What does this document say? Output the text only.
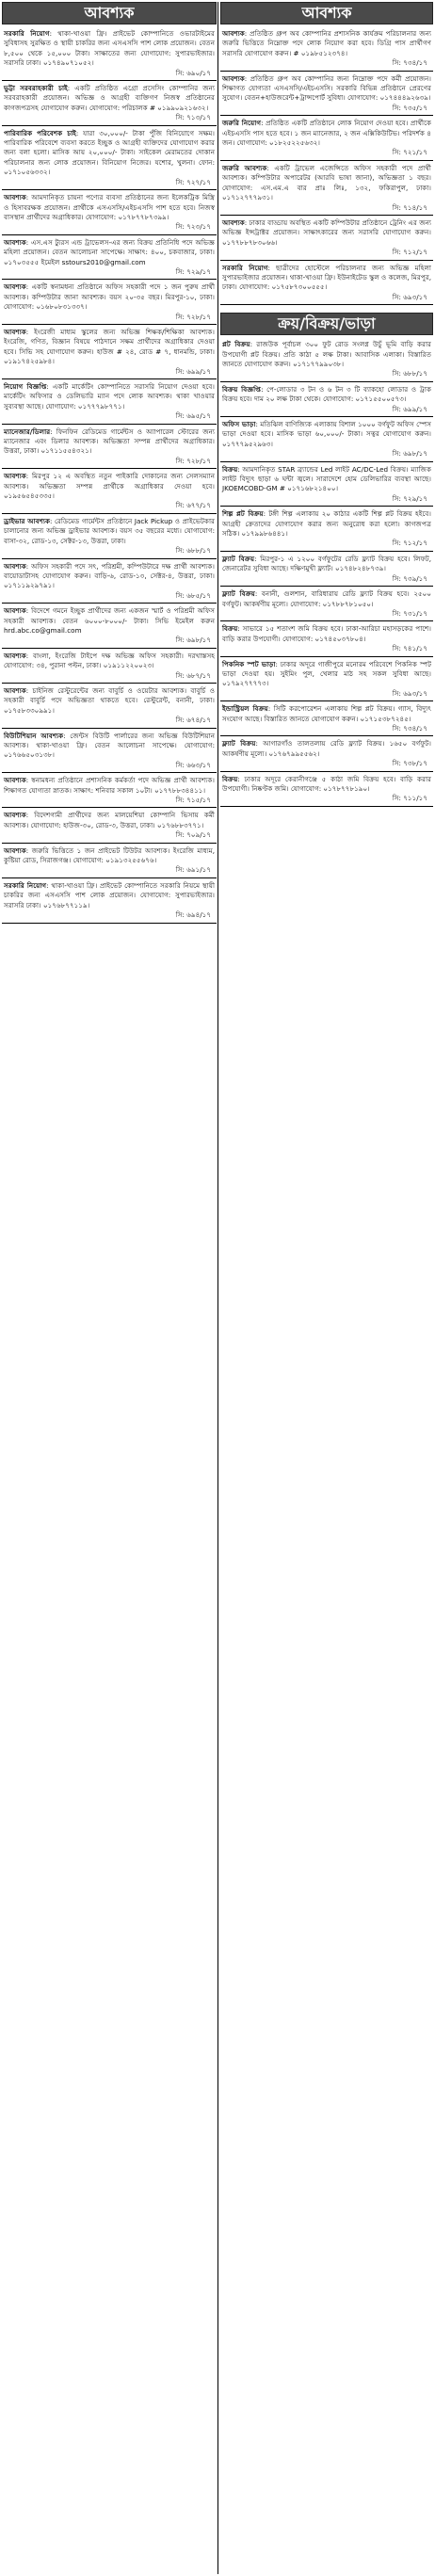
আবশ্যক
সরকারি নিয়োগ: থাকা-খাওয়া ফ্রি। প্রাইভেট কোম্পানিতে ওভারটাইমের সুবিধাসহ সুরক্ষিত ও স্থায়ী চাকরির জন্য এসএসসি পাশ লোক প্রয়োজন। বেতন ৮,৫০০ থেকে ১৫,০০০ টাকা। সাক্ষাতের জন্য যোগাযোগ: সুপারভাইজার। সরাসরি ঢাকা। ০১৭৪৯০৭১০৫২।
সি: ৬৯০/১৭
ভুট্টা সরবরাহকারী চাই: একটি প্রতিষ্ঠিত এগ্রো প্রসেসিং কোম্পানির জন্য সরবরাহকারী প্রয়োজন। অভিজ্ঞ ও আগ্রহী ব্যক্তিগণ নিজস্ব প্রতিষ্ঠানের কাগজপত্রসহ যোগাযোগ করুন। যোগাযোগ: পরিচালক # ০১৯৯০৯২১৬৩২।
সি: ৭১৩/১৭
পারিবারিক পরিবেশক চাই: যারা ৩০,০০০/- টাকা পুঁজি বিনিয়োগে সক্ষম। পারিবারিক পরিবেশে ব্যবসা করতে ইচ্ছুক ও আগ্রহী ব্যক্তিদের যোগাযোগ করার জন্য বলা হলো। মাসিক আয় ২০,০০০/- টাকা। সাইকেল মেরামতের দোকান পরিচালনার জন্য লোক প্রয়োজন। বিনিয়োগ নিজের। যশোর, খুলনা। ফোন: ০১৭১০৫৬৩৩২।
সি: ৭২৭/১৭
আবশ্যক: আমদানিকৃত চায়না পণ্যের ব্যবসা প্রতিষ্ঠানের জন্য ইলেকট্রিক মিস্ত্রি ও হিসাবরক্ষক প্রয়োজন। প্রার্থীকে এসএসসি/এইচএসসি পাশ হতে হবে। নিজস্ব বাসস্থান প্রার্থীদের অগ্রাধিকার। যোগাযোগ: ০১৭৮৭৭৮৭৩৯৯।
সি: ৭২৩/১৭
আবশ্যক: এস.এস ট্যুরস এন্ড ট্রাভেলস-এর জন্য বিক্রয় প্রতিনিধি পদে অভিজ্ঞ মহিলা প্রয়োজন। বেতন আলোচনা সাপেক্ষে। সাক্ষাৎ: ৪০০, চকবাজার, ঢাকা। ০১৭০৩৫৫৫ ইমেইল sstours2010@gmail.com
সি: ৭২৯/১৭
আবশ্যক: একটি স্বনামধন্য প্রতিষ্ঠানে অফিস সহকারী পদে ১ জন পুরুষ প্রার্থী আবশ্যক। কম্পিউটার জানা আবশ্যক। বয়স ২০-৩৫ বছর। মিরপুর-১০, ঢাকা। যোগাযোগ: ০১৬৮০৮৩১৩৩৭।
সি: ৭২৮/১৭
আবশ্যক: ইংরেজী মাধ্যম স্কুলের জন্য অভিজ্ঞ শিক্ষক/শিক্ষিকা আবশ্যক। ইংরেজি, গণিত, বিজ্ঞান বিষয়ে পাঠদানে সক্ষম প্রার্থীদের অগ্রাধিকার দেওয়া হবে। সিভি সহ যোগাযোগ করুন। হাউজ # ২৪, রোড # ৭, ধানমন্ডি, ঢাকা। ০১৯১৭৪২৫৯৮৪।
সি: ৬৯৯/১৭
নিয়োগ বিজ্ঞপ্তি: একটি মার্কেটিং কোম্পানিতে সরাসরি নিয়োগ দেওয়া হবে। মার্কেটিং অফিসার ও ডেলিভারি ম্যান পদে লোক আবশ্যক। থাকা খাওয়ার সুব্যবস্থা আছে। যোগাযোগ: ০১৭৭৭৯৮৭৭১।
সি: ৬৯৫/১৭
ম্যানেজার/ডিলার: ফিনফিন রেডিমেড গার্মেন্টস ও অ্যাপারেল স্টোরের জন্য ম্যানেজার এবং ডিলার আবশ্যক। অভিজ্ঞতা সম্পন্ন প্রার্থীদের অগ্রাধিকার। উত্তরা, ঢাকা। ০১৭১১৫৫৪৩২১।
সি: ৭২৮/১৭
আবশ্যক: মিরপুর ১২ এ অবস্থিত নতুন পাইকারি দোকানের জন্য সেলসম্যান আবশ্যক। অভিজ্ঞতা সম্পন্ন প্রার্থীকে অগ্রাধিকার দেওয়া হবে। ০১৯৫৬৫৪৫৩৩৫।
সি: ৬৭৭/১৭
ড্রাইভার আবশ্যক: রেডিমেড গার্মেন্টস প্রতিষ্ঠানে Jack Pickup ও প্রাইভেটকার চালানোর জন্য অভিজ্ঞ ড্রাইভার আবশ্যক। বয়স ৩৫ বছরের মধ্যে। যোগাযোগ: বাসা-৩২, রোড-১৩, সেক্টর-১৩, উত্তরা, ঢাকা।
সি: ৬৮৮/১৭
আবশ্যক: অফিস সহকারী পদে সৎ, পরিশ্রমী, কম্পিউটারে দক্ষ প্রার্থী আবশ্যক। বায়োডাটাসহ যোগাযোগ করুন। বাড়ি-৬, রোড-১৩, সেক্টর-৪, উত্তরা, ঢাকা। ০১৭১১৯২৯৭৯১।
সি: ৬৮৫/১৭
আবশ্যক: বিদেশে গমনে ইচ্ছুক প্রার্থীদের জন্য একজন স্মার্ট ও পরিশ্রমী অফিস সহকারী আবশ্যক। বেতন ৬০০০-৮০০০/- টাকা। সিভি ইমেইল করুন hrd.abc.co@gmail.com
সি: ৬৯৮/১৭
আবশ্যক: বাংলা, ইংরেজি টাইপে দক্ষ অভিজ্ঞ অফিস সহকারী। দরখাস্তসহ যোগাযোগ: ৩৪, পুরানা পল্টন, ঢাকা। ০১৯১১২২০০২৩।
সি: ৬৮৭/১৭
আবশ্যক: চাইনিজ রেস্টুরেন্টের জন্য বাবুর্চি ও ওয়েটার আবশ্যক। বাবুর্চি ও সহকারী বাবুর্চি পদে অভিজ্ঞতা থাকতে হবে। রেস্টুরেন্ট, বনানী, ঢাকা। ০১৭৫৮৩৩০৯৯১।
সি: ৬৭৪/১৭
বিউটিশিয়ান আবশ্যক: জেন্টস বিউটি পার্লারের জন্য অভিজ্ঞ বিউটিশিয়ান আবশ্যক। থাকা-খাওয়া ফ্রি। বেতন আলোচনা সাপেক্ষে। যোগাযোগ: ০১৭৬৬৫০৩১৩৮।
সি: ৬৬৩/১৭
আবশ্যক: স্বনামধন্য প্রতিষ্ঠানে প্রশাসনিক কর্মকর্তা পদে অভিজ্ঞ প্রার্থী আবশ্যক। শিক্ষাগত যোগ্যতা স্নাতক। সাক্ষাৎ: শনিবার সকাল ১০টা। ০১৭৭৮৮৩৪৪১১।
সি: ৭১৫/১৭
আবশ্যক: বিদেশগামী প্রার্থীদের জন্য মালয়েশিয়া কোম্পানি ভিসায় কর্মী আবশ্যক। যোগাযোগ: হাউজ-৩০, রোড-৩, উত্তরা, ঢাকা। ০১৭৬৮৮৩৭৭১।
সি: ৭০৯/১৭
আবশ্যক: জরুরি ভিত্তিতে ১ জন প্রাইভেট টিউটর আবশ্যক। ইংরেজি মাধ্যম, কুষ্টিয়া রোড, সিরাজগঞ্জ। যোগাযোগ: ০১৯১৩২৫৫৬৭৬।
সি: ৬৯১/১৭
সরকারি নিয়োগ: থাকা-খাওয়া ফ্রি। প্রাইভেট কোম্পানিতে সরকারি নিয়মে স্থায়ী চাকরির জন্য এসএসসি পাশ লোক প্রয়োজন। যোগাযোগ: সুপারভাইজার। সরাসরি ঢাকা। ০১৭৬৮৭৭১১৯।
সি: ৬৯৪/১৭
আবশ্যক
আবশ্যক: প্রতিষ্ঠিত গ্রুপ অব কোম্পানির প্রশাসনিক কার্যক্রম পরিচালনার জন্য জরুরি ভিত্তিতে নিম্নোক্ত পদে লোক নিয়োগ করা হবে। ডিগ্রি পাস প্রার্থীগণ সরাসরি যোগাযোগ করুন। # ০১৯৮৫১২৩৭৪।
সি: ৭৩৪/১৭
আবশ্যক: প্রতিষ্ঠিত গ্রুপ অব কোম্পানির জন্য নিম্নোক্ত পদে কর্মী প্রয়োজন। শিক্ষাগত যোগ্যতা এসএসসি/এইচএসসি। সরকারি বিভিন্ন প্রতিষ্ঠানে প্রেরণের সুযোগ। বেতন+হাউজরেন্ট+ট্রান্সপোর্ট সুবিধা। যোগাযোগ: ০১৭৪৪৪৯২৬৩৯।
সি: ৭৩৫/১৭
জরুরি নিয়োগ: প্রতিষ্ঠিত একটি প্রতিষ্ঠানে লোক নিয়োগ দেওয়া হবে। প্রার্থীকে এইচএসসি পাস হতে হবে। ১ জন ম্যানেজার, ২ জন এক্সিকিউটিভ। পরিদর্শক ৪ জন। যোগাযোগ: ০১৮২৫২২৫৬৩২।
সি: ৭২১/১৭
জরুরি আবশ্যক: একটি ট্রাভেল এজেন্সিতে অফিস সহকারী পদে প্রার্থী আবশ্যক। কম্পিউটার অপারেটর (আরবি ভাষা জানা), অভিজ্ঞতা ১ বছর। যোগাযোগ: এস.এম.এ বার প্রাঃ লিঃ, ১৩২, ফকিরাপুল, ঢাকা। ০১৭১২৭৭৭৯৩১।
সি: ৭১৪/১৭
আবশ্যক: ঢাকার বাড্ডায় অবস্থিত একটি কম্পিউটার প্রতিষ্ঠানে ট্রেনিং এর জন্য অভিজ্ঞ ইন্সট্রাক্টর প্রয়োজন। সাক্ষাৎকারের জন্য সরাসরি যোগাযোগ করুন। ০১৭৭৮৮৭৮৩০৬৬।
সি: ৭১২/১৭
সরকারি নিয়োগ: ছাত্রীদের হোস্টেলে পরিচালনার জন্য অভিজ্ঞ মহিলা সুপারভাইজার প্রয়োজন। থাকা-খাওয়া ফ্রি। ইউনাইটেড স্কুল ও কলেজ, মিরপুর, ঢাকা। যোগাযোগ: ০১৭৫৮৭৩০০৫৫৫।
সি: ৬৯৩/১৭
ক্রয়/বিক্রয়/ভাড়া
প্লট বিক্রয়: রাজউক পূর্বাচল ৩০০ ফুট রোড সংলগ্ন উচুঁ ভূমি বাড়ি করার উপযোগী প্লট বিক্রয়। প্রতি কাঠা ৫ লক্ষ টাকা। আবাসিক এলাকা। বিস্তারিত জানতে যোগাযোগ করুন। ০১৭১৭৭৯৯০৩৮।
সি: ৬৮৮/১৭
বিক্রয় বিজ্ঞপ্তি: পে-লোডার ৩ টন ও ৬ টন ৩ টি ব্যাকহো লোডার ও ট্রাক বিক্রয় হবে। দাম ২০ লক্ষ টাকা থেকে। যোগাযোগ: ০১৭১৫৫০০৫৭৩।
সি: ৬৯৯/১৭
অফিস ভাড়া: মতিঝিল বাণিজ্যিক এলাকায় বিশাল ১০০০ বর্গফুট অফিস স্পেস ভাড়া দেওয়া হবে। মাসিক ভাড়া ৬০,০০০/- টাকা। সত্বর যোগাযোগ করুন। ০১৭৭৭৯৫২৯৬৩।
সি: ৬৯৮/১৭
বিক্রয়: আমদানিকৃত STAR ব্র্যান্ডের Led লাইট AC/DC-Led বিক্রয়। ম্যাজিক লাইট বিদ্যুৎ ছাড়া ৬ ঘন্টা জ্বলে। সারাদেশে হোম ডেলিভারির ব্যবস্থা আছে। JKOEMCOBD-GM # ০১৭১৬৮২১৪০০।
সি: ৭২৯/১৭
শিল্প প্লট বিক্রয়: টঙ্গী শিল্প এলাকায় ২০ কাঠার একটি শিল্প প্লট বিক্রয় হইবে। আগ্রহী ক্রেতাদের যোগাযোগ করার জন্য অনুরোধ করা হলো। কাগজপত্র সঠিক। ০১৭৯৯৮৬৪৪১।
সি: ৭১২/১৭
ফ্ল্যাট বিক্রয়: মিরপুর-১ এ ১২০০ বর্গফুটের রেডি ফ্ল্যাট বিক্রয় হবে। লিফট, জেনারেটর সুবিধা আছে। দক্ষিণমুখী ফ্ল্যাট। ০১৭৪৮২৪৮৭৩৯।
সি: ৭৩৯/১৭
ফ্ল্যাট বিক্রয়: বনানী, গুলশান, বারিধারায় রেডি ফ্ল্যাট বিক্রয় হবে। ২৫০০ বর্গফুট। আকর্ষণীয় মূল্যে। যোগাযোগ: ০১৭৮৮৭৮১০৫০।
সি: ৭৩১/১৭
বিক্রয়: সাভারে ১৫ শতাংশ জমি বিক্রয় হবে। ঢাকা-আরিচা মহাসড়কের পাশে। বাড়ি করার উপযোগী। যোগাযোগ: ০১৭৪৫০৩৭৮০৪।
সি: ৭৪১/১৭
পিকনিক স্পট ভাড়া: ঢাকার অদূরে গাজীপুরে মনোরম পরিবেশে পিকনিক স্পট ভাড়া দেওয়া হয়। সুইমিং পুল, খেলার মাঠ সহ সকল সুবিধা আছে। ০১৭৯২৭৭৭৭৩।
সি: ৬৯৩/১৭
ইন্ডাস্ট্রিয়ল বিক্রয়: সিটি করপোরেশন এলাকায় শিল্প প্লট বিক্রয়। গ্যাস, বিদ্যুৎ সংযোগ আছে। বিস্তারিত জানতে যোগাযোগ করুন। ০১৭১৫৩৮৭২৪৫।
সি: ৭৩৪/১৭
ফ্ল্যাট বিক্রয়: আগারগাঁও তালতলায় রেডি ফ্ল্যাট বিক্রয়। ১৬৫০ বর্গফুট। আকর্ষণীয় মূল্যে। ০১৭৬৭৯৯৫৫৬২।
সি: ৭৩৮/১৭
বিক্রয়: ঢাকার অদূরে কেরানীগঞ্জে ৫ কাঠা জমি বিক্রয় হবে। বাড়ি করার উপযোগী। নিষ্কণ্টক জমি। যোগাযোগ: ০১৭৮৭৭৮১৯০।
সি: ৭১১/১৭
